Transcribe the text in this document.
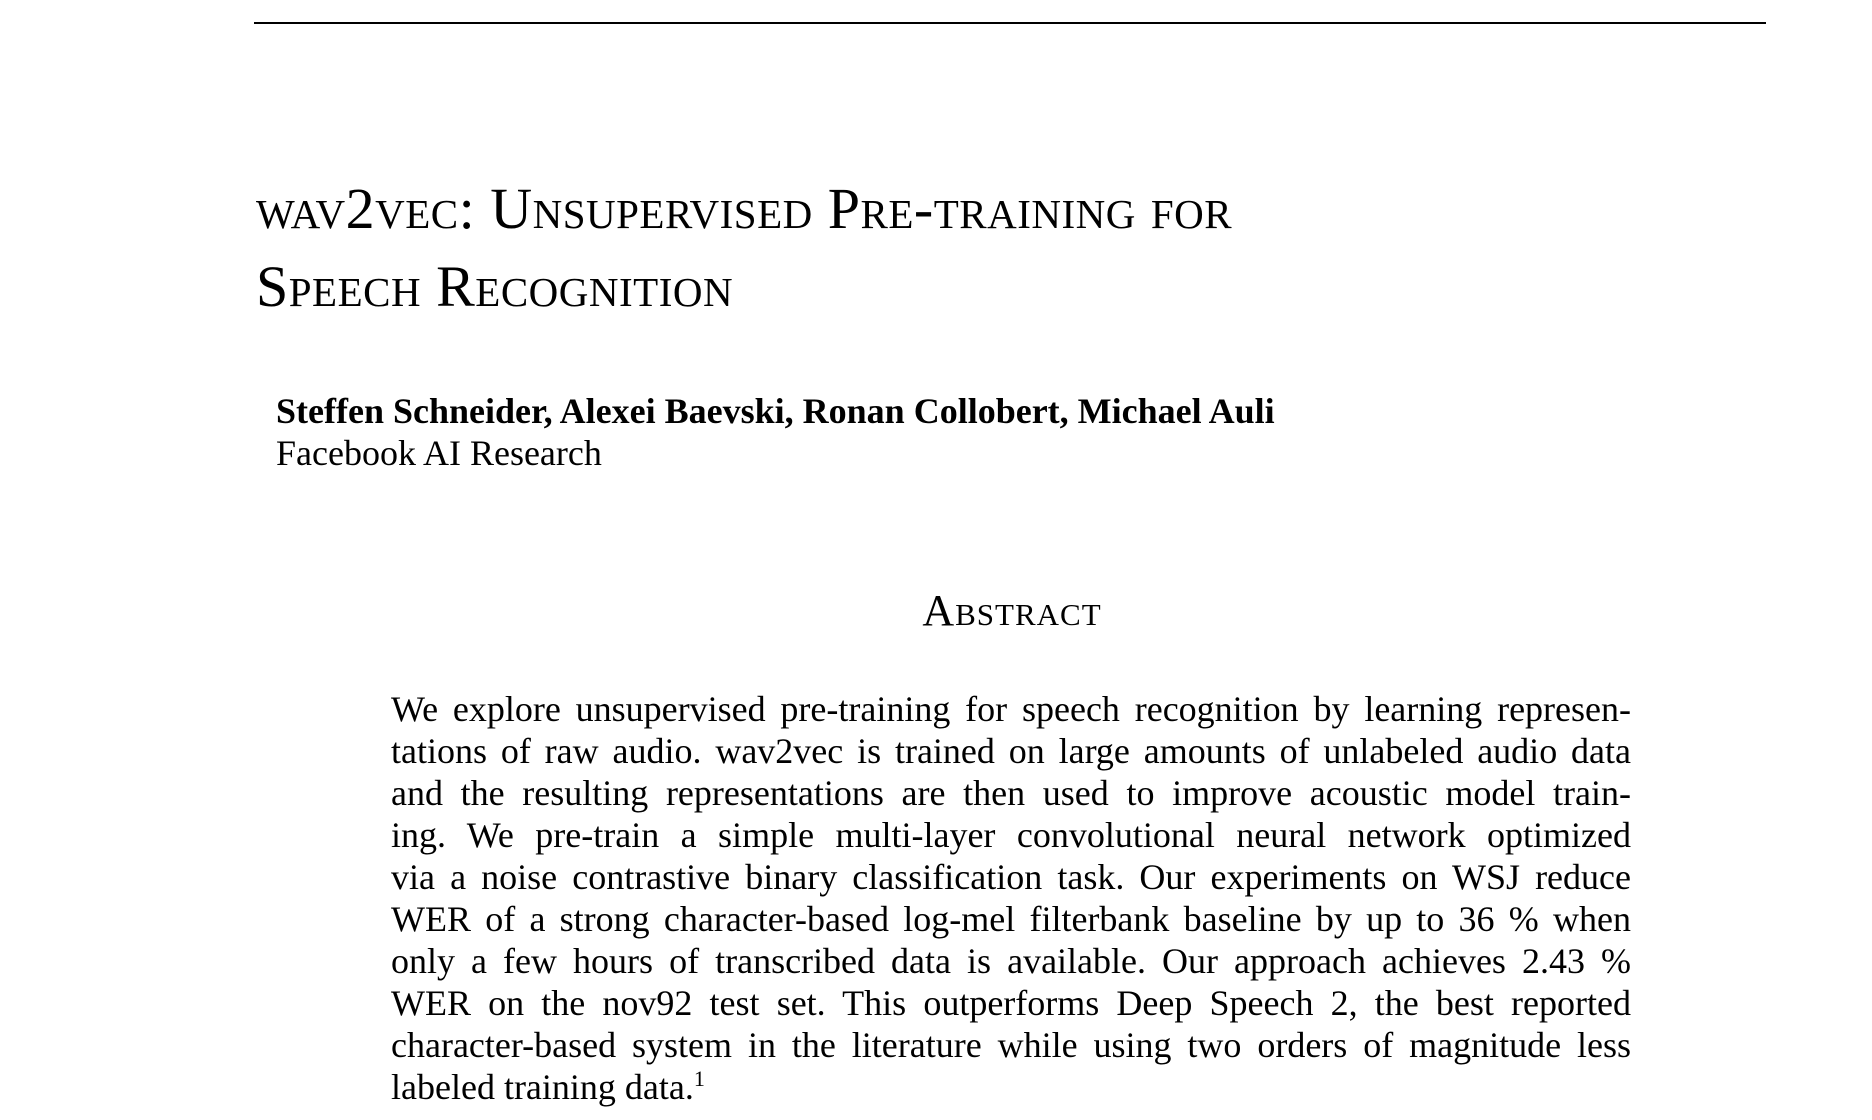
wav2vec: Unsupervised Pre-training for
Speech Recognition
Steffen Schneider, Alexei Baevski, Ronan Collobert, Michael Auli
Facebook AI Research
Abstract
We explore unsupervised pre-training for speech recognition by learning represen-
tations of raw audio. wav2vec is trained on large amounts of unlabeled audio data
and the resulting representations are then used to improve acoustic model train-
ing. We pre-train a simple multi-layer convolutional neural network optimized
via a noise contrastive binary classification task. Our experiments on WSJ reduce
WER of a strong character-based log-mel filterbank baseline by up to 36 % when
only a few hours of transcribed data is available. Our approach achieves 2.43 %
WER on the nov92 test set. This outperforms Deep Speech 2, the best reported
character-based system in the literature while using two orders of magnitude less
labeled training data.$^1$
